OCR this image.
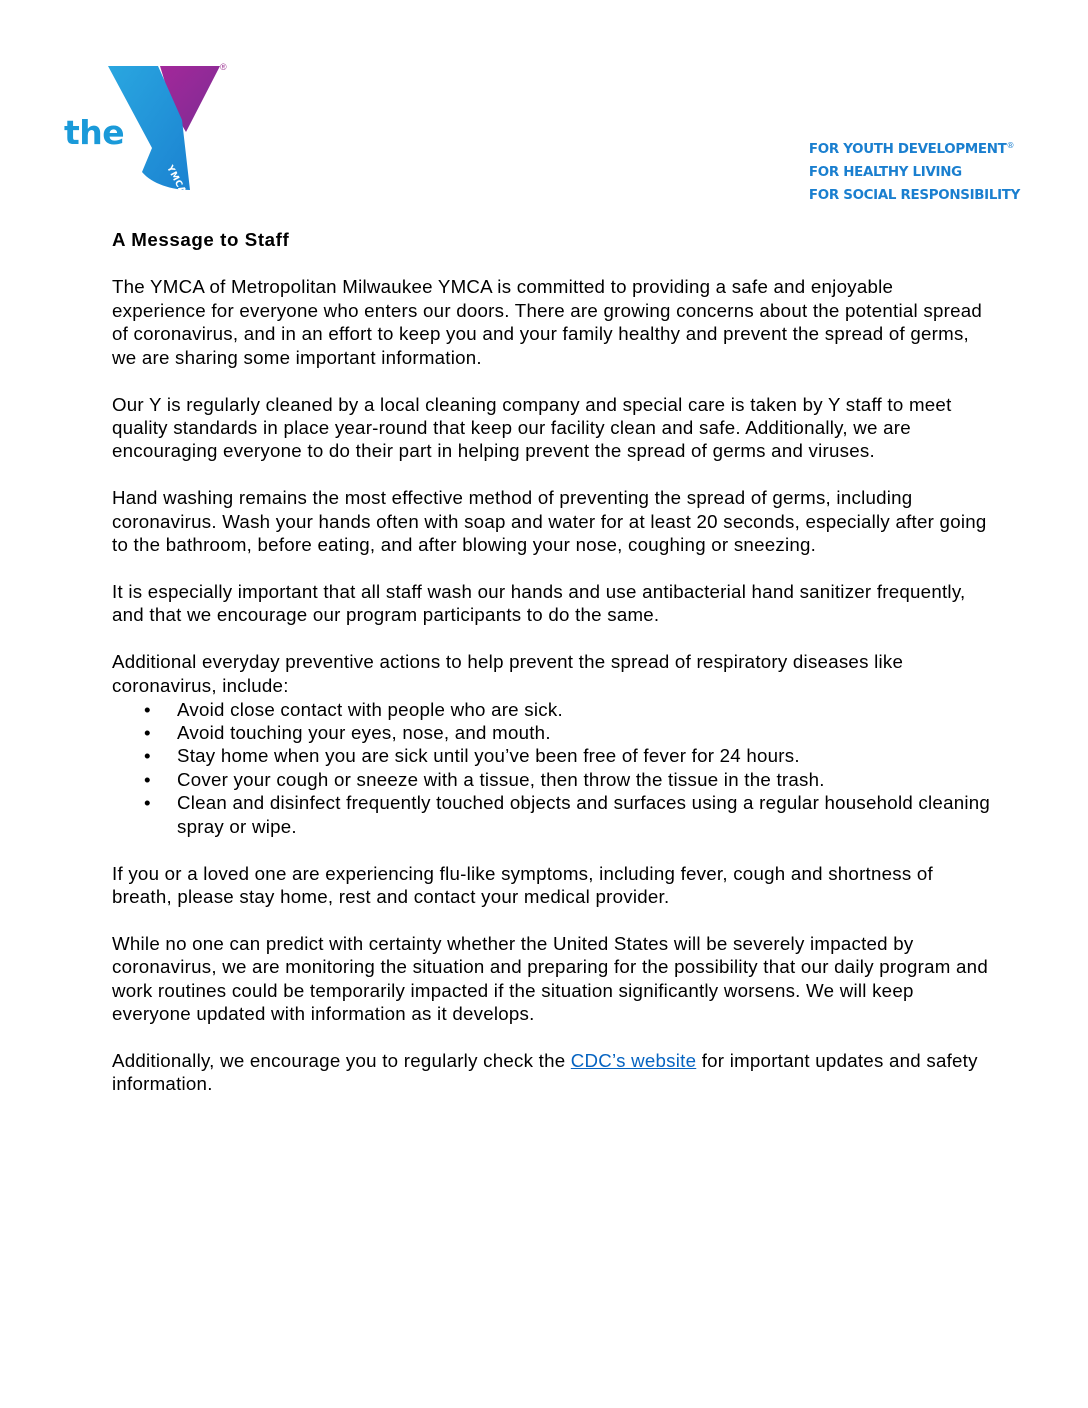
the
YMCA
®
FOR YOUTH DEVELOPMENT®
FOR HEALTHY LIVING
FOR SOCIAL RESPONSIBILITY

A Message to Staff

The YMCA of Metropolitan Milwaukee YMCA is committed to providing a safe and enjoyable experience for everyone who enters our doors. There are growing concerns about the potential spread of coronavirus, and in an effort to keep you and your family healthy and prevent the spread of germs, we are sharing some important information.

Our Y is regularly cleaned by a local cleaning company and special care is taken by Y staff to meet quality standards in place year-round that keep our facility clean and safe. Additionally, we are encouraging everyone to do their part in helping prevent the spread of germs and viruses.

Hand washing remains the most effective method of preventing the spread of germs, including coronavirus. Wash your hands often with soap and water for at least 20 seconds, especially after going to the bathroom, before eating, and after blowing your nose, coughing or sneezing.

It is especially important that all staff wash our hands and use antibacterial hand sanitizer frequently, and that we encourage our program participants to do the same.

Additional everyday preventive actions to help prevent the spread of respiratory diseases like coronavirus, include:

• Avoid close contact with people who are sick.
• Avoid touching your eyes, nose, and mouth.
• Stay home when you are sick until you’ve been free of fever for 24 hours.
• Cover your cough or sneeze with a tissue, then throw the tissue in the trash.
• Clean and disinfect frequently touched objects and surfaces using a regular household cleaning spray or wipe.

If you or a loved one are experiencing flu-like symptoms, including fever, cough and shortness of breath, please stay home, rest and contact your medical provider.

While no one can predict with certainty whether the United States will be severely impacted by coronavirus, we are monitoring the situation and preparing for the possibility that our daily program and work routines could be temporarily impacted if the situation significantly worsens. We will keep everyone updated with information as it develops.

Additionally, we encourage you to regularly check the CDC’s website for important updates and safety information.
